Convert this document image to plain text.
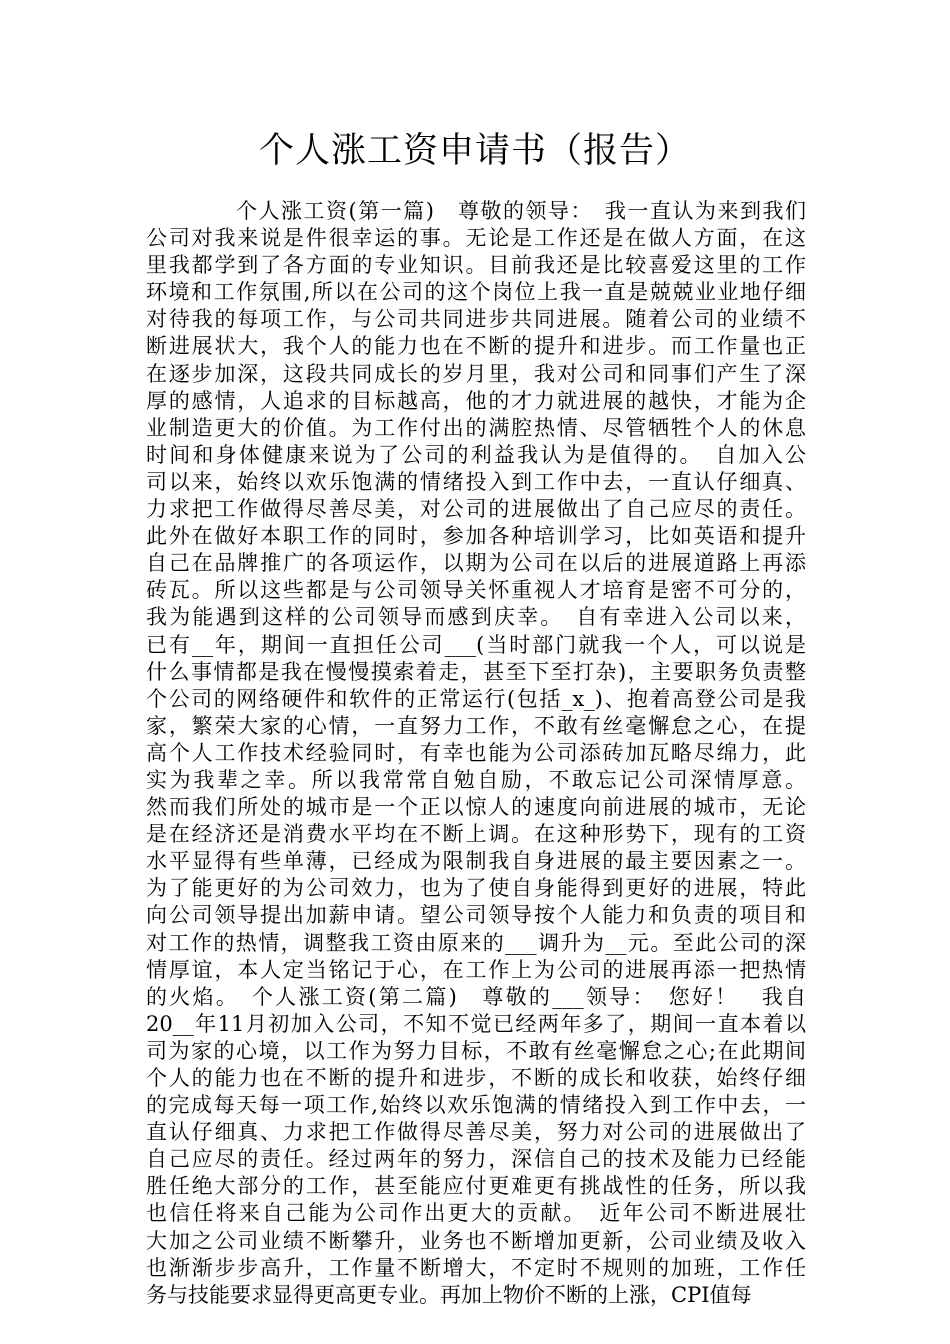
个人涨工资申请书（报告）
　　　　个人涨工资(第一篇)　尊敬的领导：　我一直认为来到我们
公司对我来说是件很幸运的事。无论是工作还是在做人方面，在这
里我都学到了各方面的专业知识。目前我还是比较喜爱这里的工作
环境和工作氛围,所以在公司的这个岗位上我一直是兢兢业业地仔细
对待我的每项工作，与公司共同进步共同进展。随着公司的业绩不
断进展状大，我个人的能力也在不断的提升和进步。而工作量也正
在逐步加深，这段共同成长的岁月里，我对公司和同事们产生了深
厚的感情，人追求的目标越高，他的才力就进展的越快，才能为企
业制造更大的价值。为工作付出的满腔热情、尽管牺牲个人的休息
时间和身体健康来说为了公司的利益我认为是值得的。　自加入公
司以来，始终以欢乐饱满的情绪投入到工作中去，一直认仔细真、
力求把工作做得尽善尽美，对公司的进展做出了自己应尽的责任。
此外在做好本职工作的同时，参加各种培训学习，比如英语和提升
自己在品牌推广的各项运作，以期为公司在以后的进展道路上再添
砖瓦。所以这些都是与公司领导关怀重视人才培育是密不可分的，
我为能遇到这样的公司领导而感到庆幸。　自有幸进入公司以来，
已有__年，期间一直担任公司___(当时部门就我一个人，可以说是
什么事情都是我在慢慢摸索着走，甚至下至打杂)，主要职务负责整
个公司的网络硬件和软件的正常运行(包括_x_)、抱着高登公司是我
家，繁荣大家的心情，一直努力工作，不敢有丝毫懈怠之心，在提
高个人工作技术经验同时，有幸也能为公司添砖加瓦略尽绵力，此
实为我辈之幸。所以我常常自勉自励，不敢忘记公司深情厚意。
然而我们所处的城市是一个正以惊人的速度向前进展的城市，无论
是在经济还是消费水平均在不断上调。在这种形势下，现有的工资
水平显得有些单薄，已经成为限制我自身进展的最主要因素之一。
为了能更好的为公司效力，也为了使自身能得到更好的进展，特此
向公司领导提出加薪申请。望公司领导按个人能力和负责的项目和
对工作的热情，调整我工资由原来的___调升为__元。至此公司的深
情厚谊，本人定当铭记于心，在工作上为公司的进展再添一把热情
的火焰。　个人涨工资(第二篇)　尊敬的___领导：　您好！　我自
20__年11月初加入公司，不知不觉已经两年多了，期间一直本着以
司为家的心境，以工作为努力目标，不敢有丝毫懈怠之心;在此期间
个人的能力也在不断的提升和进步，不断的成长和收获，始终仔细
的完成每天每一项工作,始终以欢乐饱满的情绪投入到工作中去，一
直认仔细真、力求把工作做得尽善尽美，努力对公司的进展做出了
自己应尽的责任。经过两年的努力，深信自己的技术及能力已经能
胜任绝大部分的工作，甚至能应付更难更有挑战性的任务，所以我
也信任将来自己能为公司作出更大的贡献。　近年公司不断进展壮
大加之公司业绩不断攀升，业务也不断增加更新，公司业绩及收入
也渐渐步步高升，工作量不断增大，不定时不规则的加班，工作任
务与技能要求显得更高更专业。再加上物价不断的上涨，CPI值每
